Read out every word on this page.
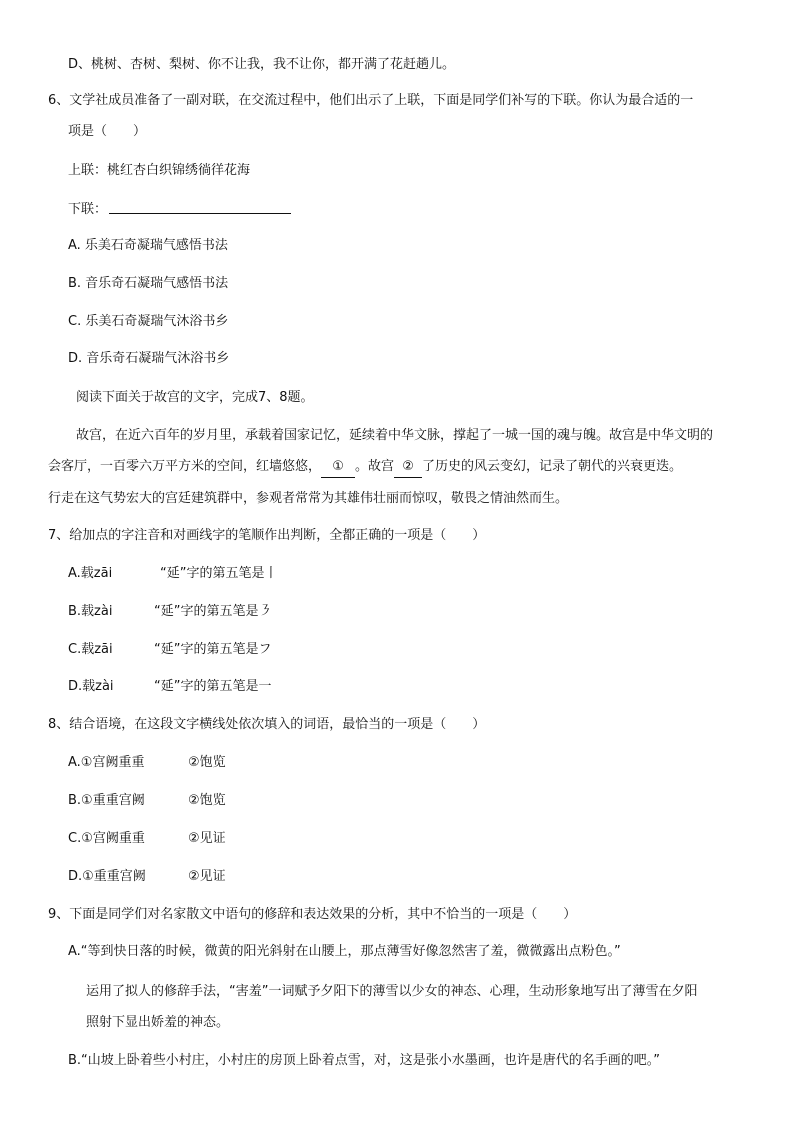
D、桃树、杏树、梨树、你不让我，我不让你，都开满了花赶趟儿。
6、文学社成员准备了一副对联，在交流过程中，他们出示了上联，下面是同学们补写的下联。你认为最合适的一
项是（　　）
上联：桃红杏白织锦绣徜徉花海
下联：
A. 乐美石奇凝瑞气感悟书法
B. 音乐奇石凝瑞气感悟书法
C. 乐美石奇凝瑞气沐浴书乡
D. 音乐奇石凝瑞气沐浴书乡
阅读下面关于故宫的文字，完成7、8题。
故宫，在近六百年的岁月里，承载着国家记忆，延续着中华文脉，撑起了一城一国的魂与魄。故宫是中华文明的
会客厅，一百零六万平方米的空间，红墙悠悠， ① 。故宫 ② 了历史的风云变幻，记录了朝代的兴衰更迭。
行走在这气势宏大的宫廷建筑群中，参观者常常为其雄伟壮丽而惊叹，敬畏之情油然而生。
7、给加点的字注音和对画线字的笔顺作出判断，全都正确的一项是（　　）
A.载zāi	“延”字的第五笔是丨
B.载zài	“延”字的第五笔是㇋
C.载zāi	“延”字的第五笔是フ
D.载zài	“延”字的第五笔是一
8、结合语境，在这段文字横线处依次填入的词语，最恰当的一项是（　　）
A.①宫阙重重	②饱览
B.①重重宫阙	②饱览
C.①宫阙重重	②见证
D.①重重宫阙	②见证
9、下面是同学们对名家散文中语句的修辞和表达效果的分析，其中不恰当的一项是（　　）
A.“等到快日落的时候，微黄的阳光斜射在山腰上，那点薄雪好像忽然害了羞，微微露出点粉色。”
运用了拟人的修辞手法，“害羞”一词赋予夕阳下的薄雪以少女的神态、心理，生动形象地写出了薄雪在夕阳
照射下显出娇羞的神态。
B.“山坡上卧着些小村庄，小村庄的房顶上卧着点雪，对，这是张小水墨画，也许是唐代的名手画的吧。”
